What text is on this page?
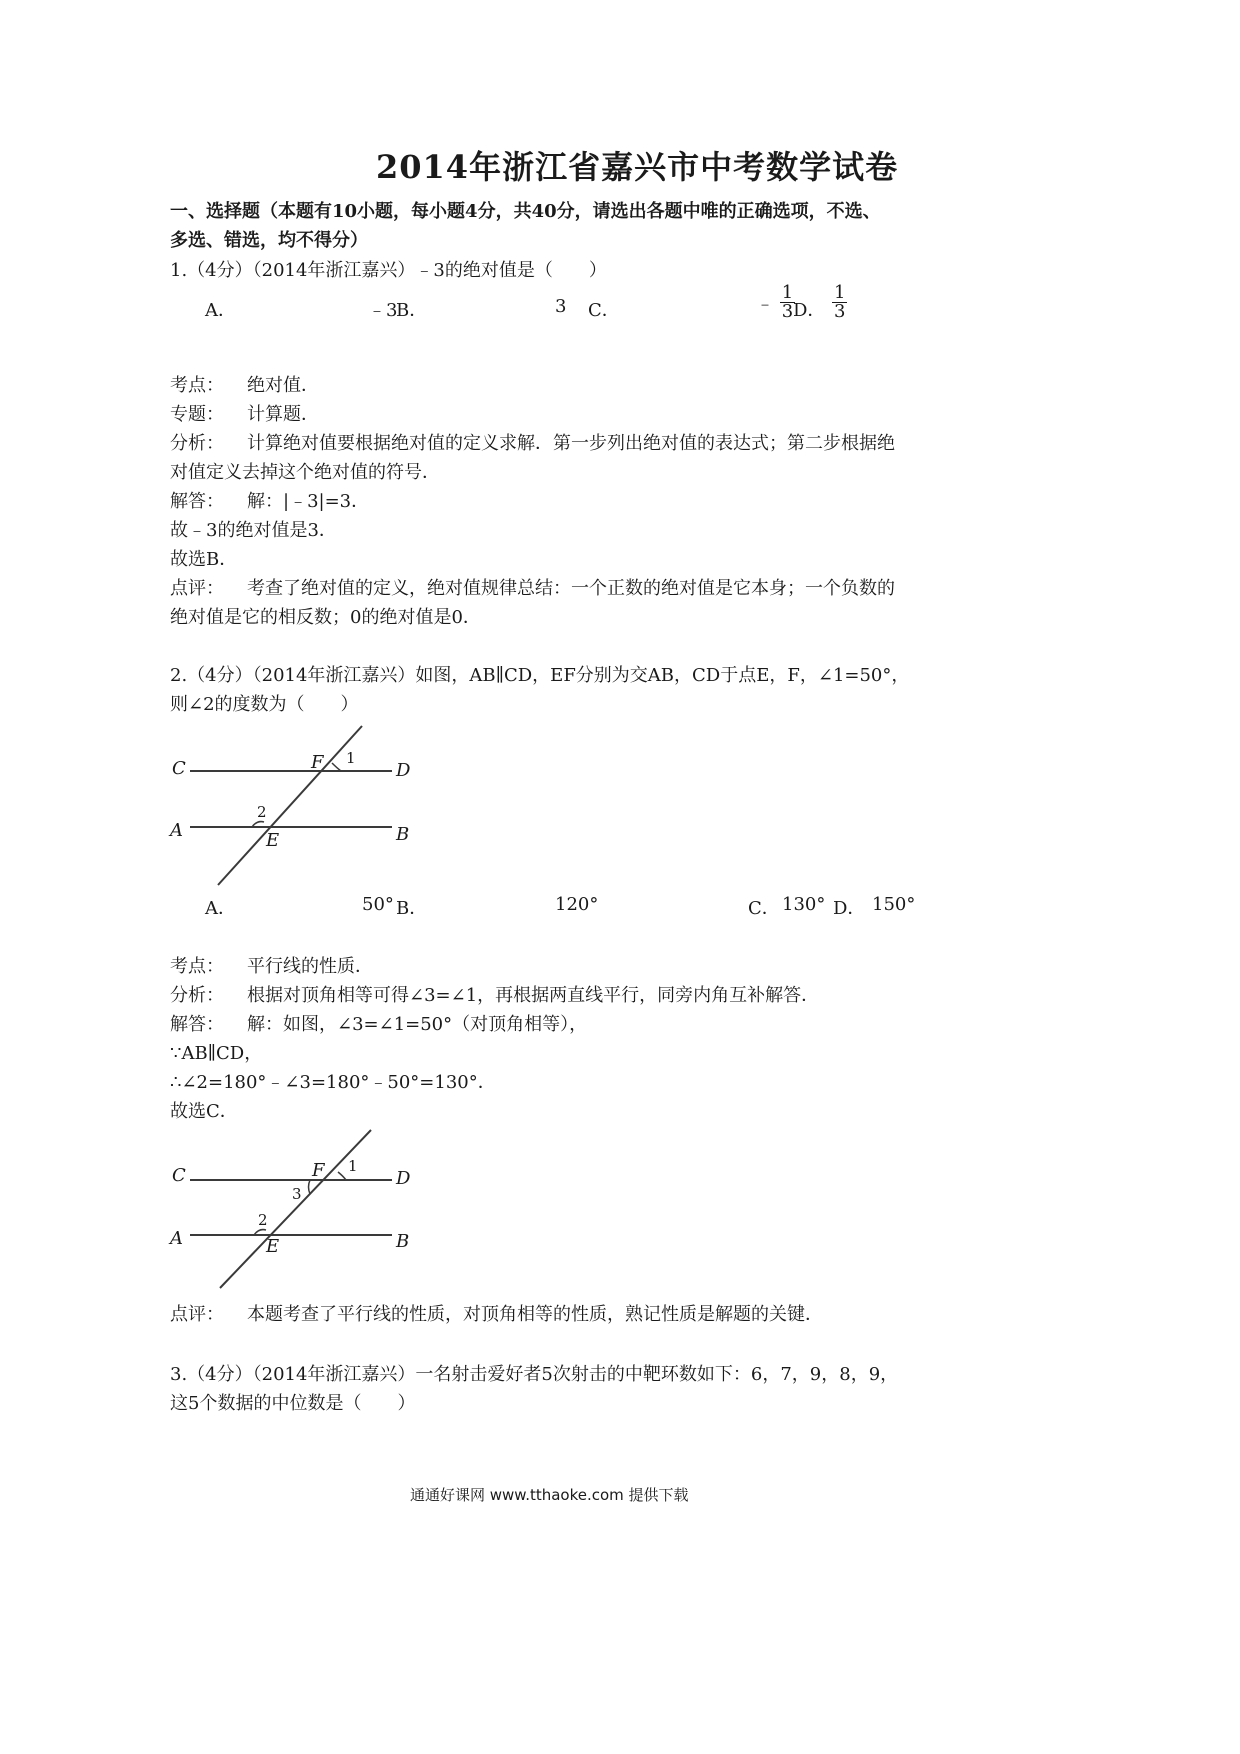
2014年浙江省嘉兴市中考数学试卷
一、选择题（本题有10小题，每小题4分，共40分，请选出各题中唯的正确选项，不选、
多选、错选，均不得分）
1.（4分）（2014年浙江嘉兴）﹣3的绝对值是（　　）
A．	﹣3
B．	3 C．	﹣ $\frac{1}{3}$
D． $\frac{1}{3}$
考点： 绝对值．
专题： 计算题．
分析： 计算绝对值要根据绝对值的定义求解．第一步列出绝对值的表达式；第二步根据绝
对值定义去掉这个绝对值的符号．
解答： 解：|﹣3|=3．
故﹣3的绝对值是3．
故选B．
点评： 考查了绝对值的定义，绝对值规律总结：一个正数的绝对值是它本身；一个负数的
绝对值是它的相反数；0的绝对值是0．
2.（4分）（2014年浙江嘉兴）如图，AB∥CD，EF分别为交AB，CD于点E，F，∠1=50°，
则∠2的度数为（　　）
C	D
A	B
F
E
1
2
A．	50° B．	120°	C． 130° D． 150°
考点： 平行线的性质．
分析： 根据对顶角相等可得∠3=∠1，再根据两直线平行，同旁内角互补解答．
解答： 解：如图，∠3=∠1=50°（对顶角相等），
∵AB∥CD，
∴∠2=180°﹣∠3=180°﹣50°=130°．
故选C．
C	D
A	B
F
E
1
3
2
点评： 本题考查了平行线的性质，对顶角相等的性质，熟记性质是解题的关键．
3.（4分）（2014年浙江嘉兴）一名射击爱好者5次射击的中靶环数如下：6，7，9，8，9，
这5个数据的中位数是（　　）
通通好课网 www.tthaoke.com 提供下载
